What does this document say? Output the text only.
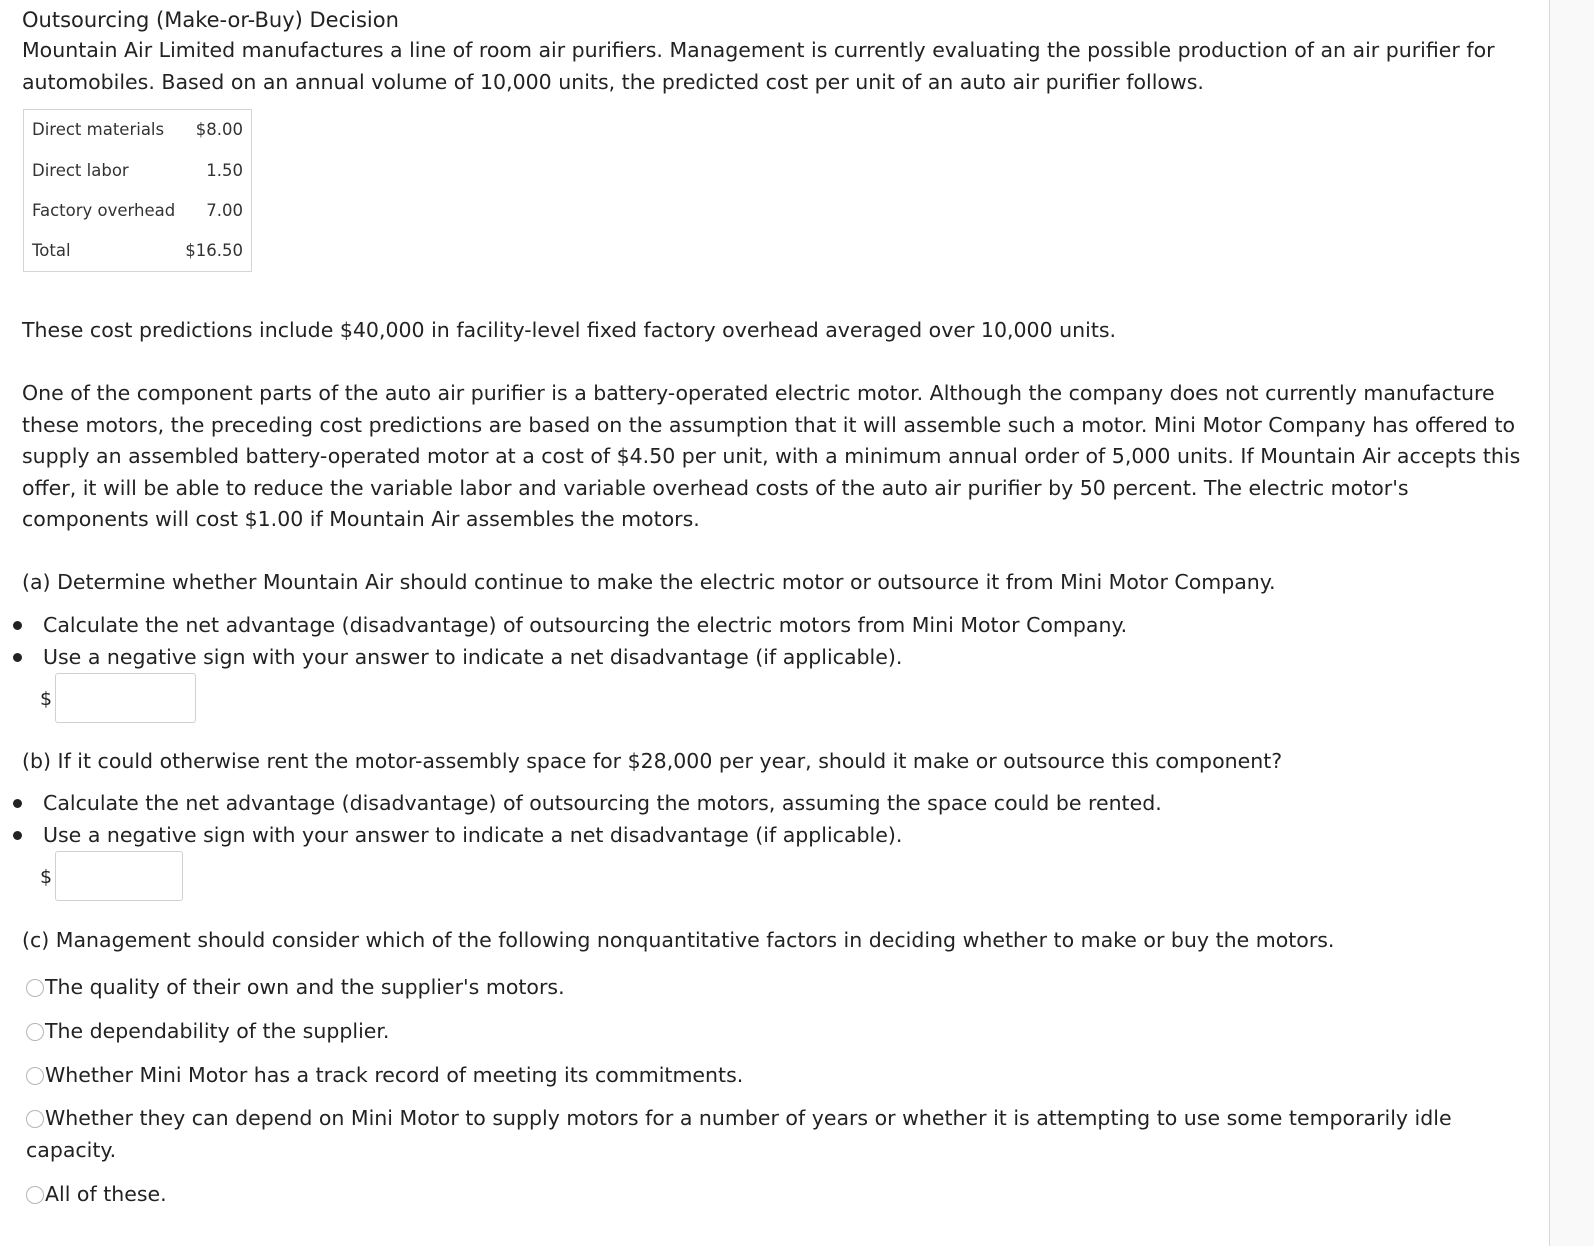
Outsourcing (Make-or-Buy) Decision

Mountain Air Limited manufactures a line of room air purifiers. Management is currently evaluating the possible production of an air purifier for automobiles. Based on an annual volume of 10,000 units, the predicted cost per unit of an auto air purifier follows.

Direct materials $8.00
Direct labor	1.50
Factory overhead 7.00
Total	$16.50

These cost predictions include $40,000 in facility-level fixed factory overhead averaged over 10,000 units.

One of the component parts of the auto air purifier is a battery-operated electric motor. Although the company does not currently manufacture these motors, the preceding cost predictions are based on the assumption that it will assemble such a motor. Mini Motor Company has offered to supply an assembled battery-operated motor at a cost of $4.50 per unit, with a minimum annual order of 5,000 units. If Mountain Air accepts this offer, it will be able to reduce the variable labor and variable overhead costs of the auto air purifier by 50 percent. The electric motor's components will cost $1.00 if Mountain Air assembles the motors.

(a) Determine whether Mountain Air should continue to make the electric motor or outsource it from Mini Motor Company.
Calculate the net advantage (disadvantage) of outsourcing the electric motors from Mini Motor Company.
Use a negative sign with your answer to indicate a net disadvantage (if applicable).
$
(b) If it could otherwise rent the motor-assembly space for $28,000 per year, should it make or outsource this component?
Calculate the net advantage (disadvantage) of outsourcing the motors, assuming the space could be rented.
Use a negative sign with your answer to indicate a net disadvantage (if applicable).
$
(c) Management should consider which of the following nonquantitative factors in deciding whether to make or buy the motors.
The quality of their own and the supplier's motors.
The dependability of the supplier.
Whether Mini Motor has a track record of meeting its commitments.
Whether they can depend on Mini Motor to supply motors for a number of years or whether it is attempting to use some temporarily idle capacity.
All of these.
